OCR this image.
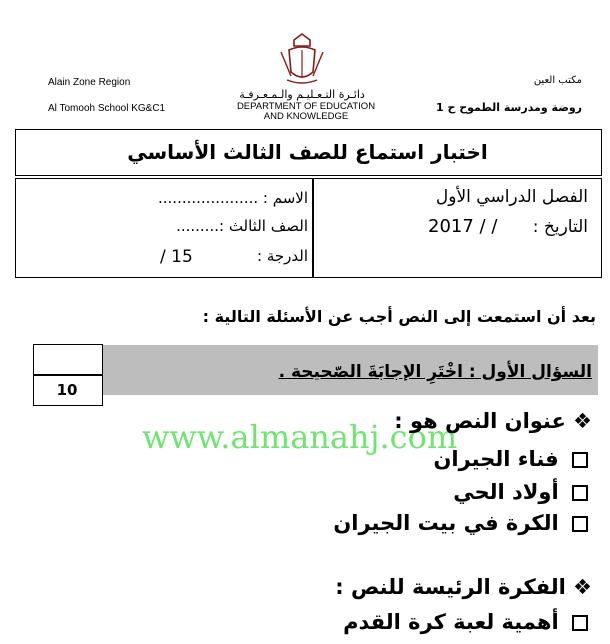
Alain Zone Region
Al Tomooh School KG&C1
دائـرة التـعـليـم والـمـعـرفـة
DEPARTMENT OF EDUCATION
AND KNOWLEDGE
مكتب العين
روضة ومدرسة الطموح ح 1
اختبار استماع للصف الثالث الأساسي
الاسم : .....................
الصف الثالث :.........
الدرجة :
15 /
الفصل الدراسي الأول
التاريخ :
/ / 2017
بعد أن استمعت إلى النص أجب عن الأسئلة التالية :
السؤال الأول : اخْتَرِ الإجابَةَ الصّحيحة .
10
www.almanahj.com
❖ عنوان النص هو :
فناء الجيران
أولاد الحي
الكرة في بيت الجيران
❖ الفكرة الرئيسة للنص :
أهمية لعبة كرة القدم
